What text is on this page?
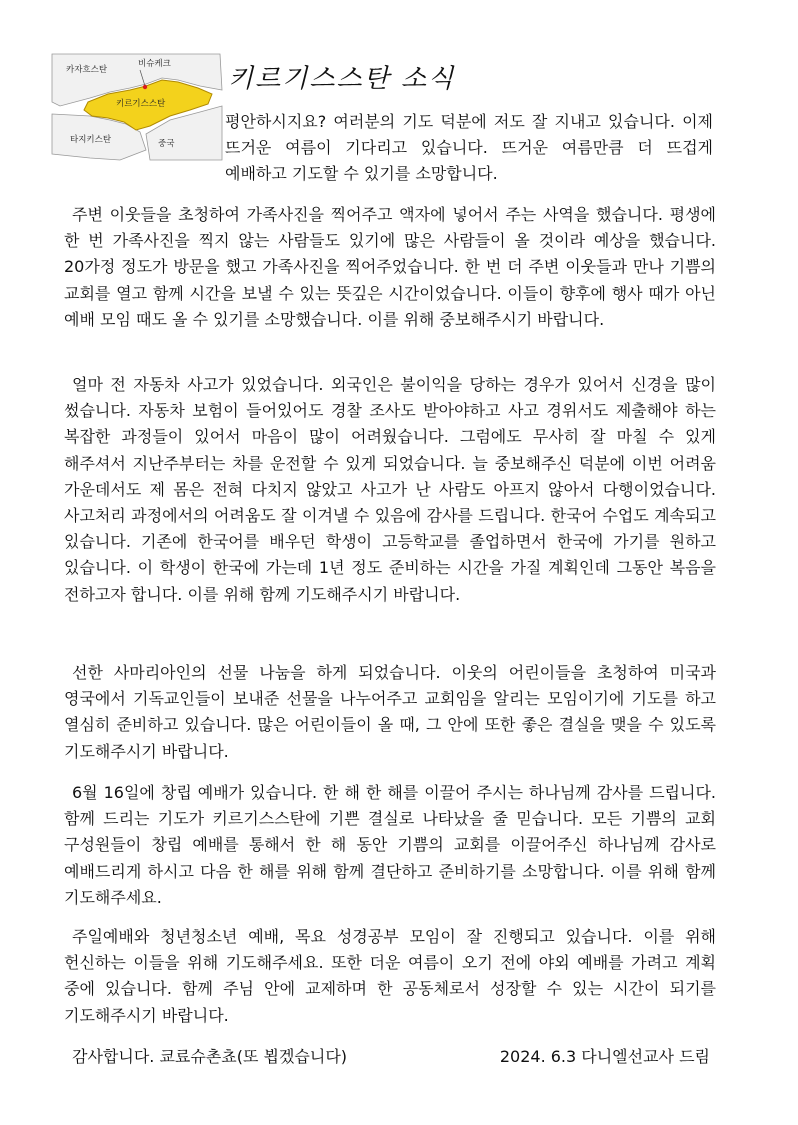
카자흐스탄
비슈케크
키르기스스탄
타지키스탄	중국
키르기스스탄 소식

평안하시지요? 여러분의 기도 덕분에 저도 잘 지내고 있습니다. 이제 뜨거운 여름이 기다리고 있습니다. 뜨거운 여름만큼 더 뜨겁게 예배하고 기도할 수 있기를 소망합니다.

주변 이웃들을 초청하여 가족사진을 찍어주고 액자에 넣어서 주는 사역을 했습니다. 평생에 한 번 가족사진을 찍지 않는 사람들도 있기에 많은 사람들이 올 것이라 예상을 했습니다. 20가정 정도가 방문을 했고 가족사진을 찍어주었습니다. 한 번 더 주변 이웃들과 만나 기쁨의 교회를 열고 함께 시간을 보낼 수 있는 뜻깊은 시간이었습니다. 이들이 향후에 행사 때가 아닌 예배 모임 때도 올 수 있기를 소망했습니다. 이를 위해 중보해주시기 바랍니다.

얼마 전 자동차 사고가 있었습니다. 외국인은 불이익을 당하는 경우가 있어서 신경을 많이 썼습니다. 자동차 보험이 들어있어도 경찰 조사도 받아야하고 사고 경위서도 제출해야 하는 복잡한 과정들이 있어서 마음이 많이 어려웠습니다. 그럼에도 무사히 잘 마칠 수 있게 해주셔서 지난주부터는 차를 운전할 수 있게 되었습니다. 늘 중보해주신 덕분에 이번 어려움 가운데서도 제 몸은 전혀 다치지 않았고 사고가 난 사람도 아프지 않아서 다행이었습니다. 사고처리 과정에서의 어려움도 잘 이겨낼 수 있음에 감사를 드립니다. 한국어 수업도 계속되고 있습니다. 기존에 한국어를 배우던 학생이 고등학교를 졸업하면서 한국에 가기를 원하고 있습니다. 이 학생이 한국에 가는데 1년 정도 준비하는 시간을 가질 계획인데 그동안 복음을 전하고자 합니다. 이를 위해 함께 기도해주시기 바랍니다.

선한 사마리아인의 선물 나눔을 하게 되었습니다. 이웃의 어린이들을 초청하여 미국과 영국에서 기독교인들이 보내준 선물을 나누어주고 교회임을 알리는 모임이기에 기도를 하고 열심히 준비하고 있습니다. 많은 어린이들이 올 때, 그 안에 또한 좋은 결실을 맺을 수 있도록 기도해주시기 바랍니다.

6월 16일에 창립 예배가 있습니다. 한 해 한 해를 이끌어 주시는 하나님께 감사를 드립니다. 함께 드리는 기도가 키르기스스탄에 기쁜 결실로 나타났을 줄 믿습니다. 모든 기쁨의 교회 구성원들이 창립 예배를 통해서 한 해 동안 기쁨의 교회를 이끌어주신 하나님께 감사로 예배드리게 하시고 다음 한 해를 위해 함께 결단하고 준비하기를 소망합니다. 이를 위해 함께 기도해주세요.

주일예배와 청년청소년 예배, 목요 성경공부 모임이 잘 진행되고 있습니다. 이를 위해 헌신하는 이들을 위해 기도해주세요. 또한 더운 여름이 오기 전에 야외 예배를 가려고 계획 중에 있습니다. 함께 주님 안에 교제하며 한 공동체로서 성장할 수 있는 시간이 되기를 기도해주시기 바랍니다.

감사합니다. 쿄료슈촌쵸(또 뵙겠습니다)	2024. 6.3 다니엘선교사 드림
